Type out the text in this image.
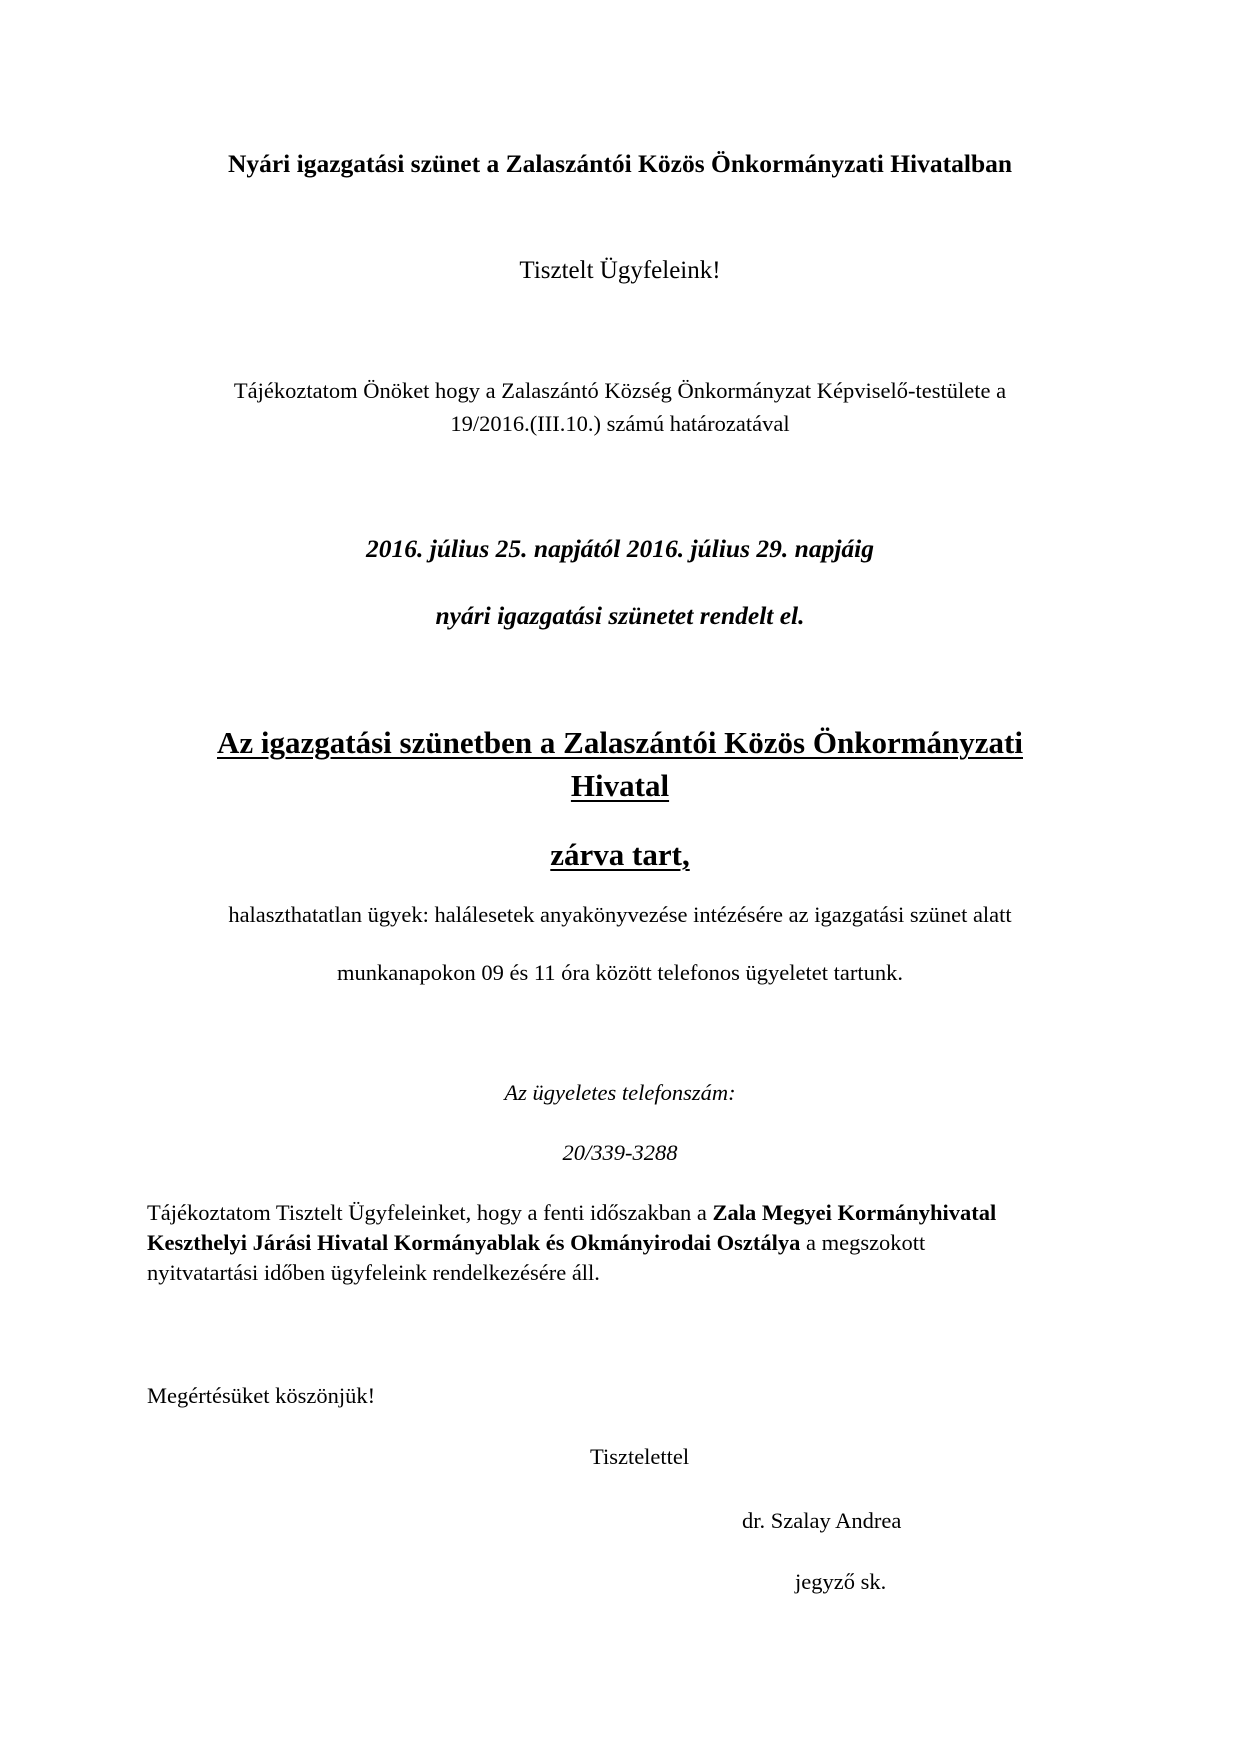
Nyári igazgatási szünet a Zalaszántói Közös Önkormányzati Hivatalban
Tisztelt Ügyfeleink!
Tájékoztatom Önöket hogy a Zalaszántó Község Önkormányzat Képviselő-testülete a
19/2016.(III.10.) számú határozatával
2016. július 25. napjától 2016. július 29. napjáig
nyári igazgatási szünetet rendelt el.
Az igazgatási szünetben a Zalaszántói Közös Önkormányzati
Hivatal
zárva tart,
halaszthatatlan ügyek: halálesetek anyakönyvezése intézésére az igazgatási szünet alatt
munkanapokon 09 és 11 óra között telefonos ügyeletet tartunk.
Az ügyeletes telefonszám:
20/339-3288
Tájékoztatom Tisztelt Ügyfeleinket, hogy a fenti időszakban a Zala Megyei Kormányhivatal
Keszthelyi Járási Hivatal Kormányablak és Okmányirodai Osztálya a megszokott
nyitvatartási időben ügyfeleink rendelkezésére áll.
Megértésüket köszönjük!
Tisztelettel
dr. Szalay Andrea
jegyző sk.
